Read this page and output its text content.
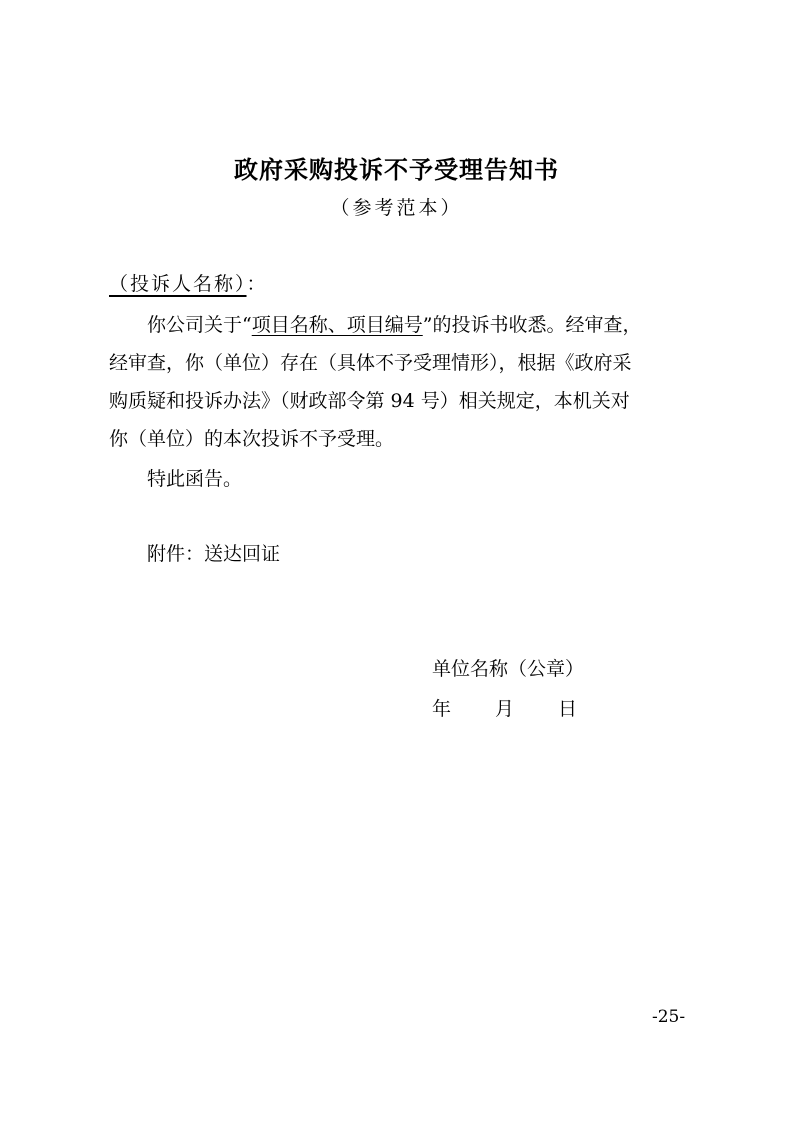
政府采购投诉不予受理告知书
（参考范本）
（投诉人名称）：
你公司关于“项目名称、项目编号”的投诉书收悉。经审查，
经审查，你（单位）存在（具体不予受理情形），根据《政府采
购质疑和投诉办法》（财政部令第 94 号）相关规定，本机关对
你（单位）的本次投诉不予受理。
特此函告。
附件：送达回证
单位名称（公章）
年 月 日
-25-
